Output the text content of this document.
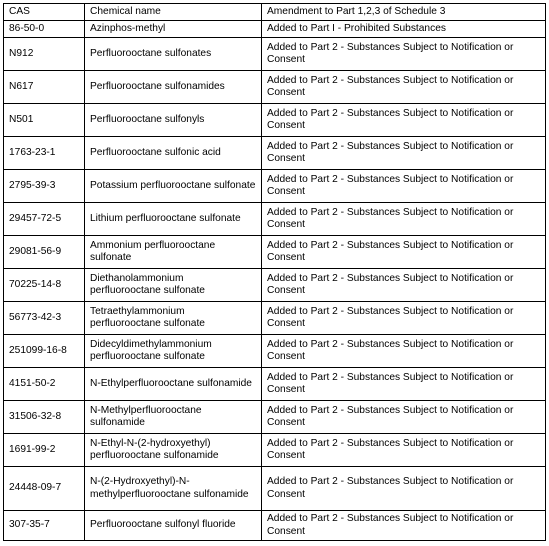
CAS	Chemical name	Amendment to Part 1,2,3 of Schedule 3
86-50-0	Azinphos-methyl	Added to Part I - Prohibited Substances
N912	Perfluorooctane sulfonates	Added to Part 2 - Substances Subject to Notification or Consent
N617	Perfluorooctane sulfonamides	Added to Part 2 - Substances Subject to Notification or Consent
N501	Perfluorooctane sulfonyls	Added to Part 2 - Substances Subject to Notification or Consent
1763-23-1	Perfluorooctane sulfonic acid	Added to Part 2 - Substances Subject to Notification or Consent
2795-39-3	Potassium perfluorooctane sulfonate	Added to Part 2 - Substances Subject to Notification or Consent
29457-72-5	Lithium perfluorooctane sulfonate	Added to Part 2 - Substances Subject to Notification or Consent
29081-56-9	Ammonium perfluorooctane sulfonate	Added to Part 2 - Substances Subject to Notification or Consent
70225-14-8	Diethanolammonium perfluorooctane sulfonate	Added to Part 2 - Substances Subject to Notification or Consent
56773-42-3	Tetraethylammonium perfluorooctane sulfonate	Added to Part 2 - Substances Subject to Notification or Consent
251099-16-8	Didecyldimethylammonium perfluorooctane sulfonate	Added to Part 2 - Substances Subject to Notification or Consent
4151-50-2	N-Ethylperfluorooctane sulfonamide	Added to Part 2 - Substances Subject to Notification or Consent
31506-32-8	N-Methylperfluorooctane sulfonamide	Added to Part 2 - Substances Subject to Notification or Consent
1691-99-2	N-Ethyl-N-(2-hydroxyethyl) perfluorooctane sulfonamide	Added to Part 2 - Substances Subject to Notification or Consent
24448-09-7	N-(2-Hydroxyethyl)-N-methylperfluorooctane sulfonamide	Added to Part 2 - Substances Subject to Notification or Consent
307-35-7	Perfluorooctane sulfonyl fluoride	Added to Part 2 - Substances Subject to Notification or Consent
